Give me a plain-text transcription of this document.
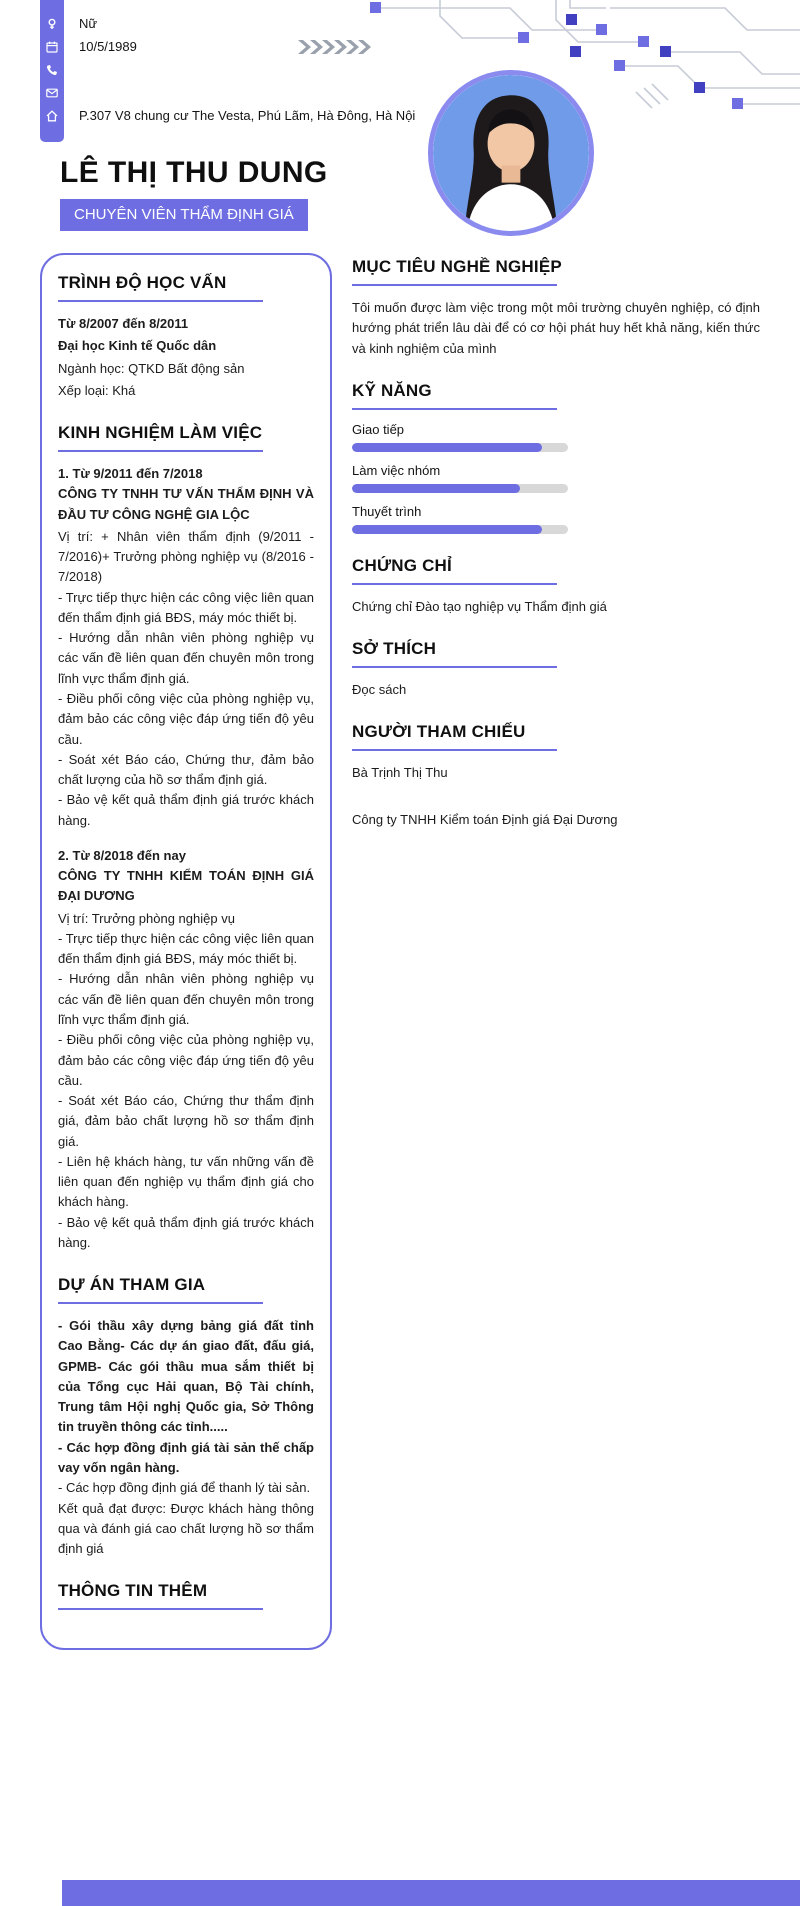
Nữ
10/5/1989
P.307 V8 chung cư The Vesta, Phú Lãm, Hà Đông, Hà Nội
LÊ THỊ THU DUNG
CHUYÊN VIÊN THẨM ĐỊNH GIÁ
TRÌNH ĐỘ HỌC VẤN

Từ 8/2007 đến 8/2011

Đại học Kinh tế Quốc dân

Ngành học: QTKD Bất động sản

Xếp loại: Khá

KINH NGHIỆM LÀM VIỆC

1. Từ 9/2011 đến 7/2018

CÔNG TY TNHH TƯ VẤN THẨM ĐỊNH VÀ ĐẦU TƯ CÔNG NGHỆ GIA LỘC

Vị trí: + Nhân viên thẩm định (9/2011 - 7/2016)+ Trưởng phòng nghiệp vụ (8/2016 - 7/2018)

- Trực tiếp thực hiện các công việc liên quan đến thẩm định giá BĐS, máy móc thiết bị.

- Hướng dẫn nhân viên phòng nghiệp vụ các vấn đề liên quan đến chuyên môn trong lĩnh vực thẩm định giá.

- Điều phối công việc của phòng nghiệp vụ, đảm bảo các công việc đáp ứng tiến độ yêu cầu.

- Soát xét Báo cáo, Chứng thư, đảm bảo chất lượng của hồ sơ thẩm định giá.

- Bảo vệ kết quả thẩm định giá trước khách hàng.

2. Từ 8/2018 đến nay

CÔNG TY TNHH KIỂM TOÁN ĐỊNH GIÁ ĐẠI DƯƠNG

Vị trí: Trưởng phòng nghiệp vụ

- Trực tiếp thực hiện các công việc liên quan đến thẩm định giá BĐS, máy móc thiết bị.

- Hướng dẫn nhân viên phòng nghiệp vụ các vấn đề liên quan đến chuyên môn trong lĩnh vực thẩm định giá.

- Điều phối công việc của phòng nghiệp vụ, đảm bảo các công việc đáp ứng tiến độ yêu cầu.

- Soát xét Báo cáo, Chứng thư thẩm định giá, đảm bảo chất lượng hồ sơ thẩm định giá.

- Liên hệ khách hàng, tư vấn những vấn đề liên quan đến nghiệp vụ thẩm định giá cho khách hàng.

- Bảo vệ kết quả thẩm định giá trước khách hàng.

DỰ ÁN THAM GIA

- Gói thầu xây dựng bảng giá đất tỉnh Cao Bằng- Các dự án giao đất, đấu giá, GPMB- Các gói thầu mua sắm thiết bị của Tổng cục Hải quan, Bộ Tài chính, Trung tâm Hội nghị Quốc gia, Sở Thông tin truyền thông các tỉnh.....

- Các hợp đồng định giá tài sản thế chấp vay vốn ngân hàng.

- Các hợp đồng định giá để thanh lý tài sản.

Kết quả đạt được: Được khách hàng thông qua và đánh giá cao chất lượng hồ sơ thẩm định giá

THÔNG TIN THÊM
MỤC TIÊU NGHỀ NGHIỆP

Tôi muốn được làm việc trong một môi trường chuyên nghiệp, có định hướng phát triển lâu dài để có cơ hội phát huy hết khả năng, kiến thức và kinh nghiệm của mình

KỸ NĂNG
Giao tiếp
Làm việc nhóm
Thuyết trình
CHỨNG CHỈ

Chứng chỉ Đào tạo nghiệp vụ Thẩm định giá

SỞ THÍCH

Đọc sách

NGƯỜI THAM CHIẾU

Bà Trịnh Thị Thu

Công ty TNHH Kiểm toán Định giá Đại Dương
